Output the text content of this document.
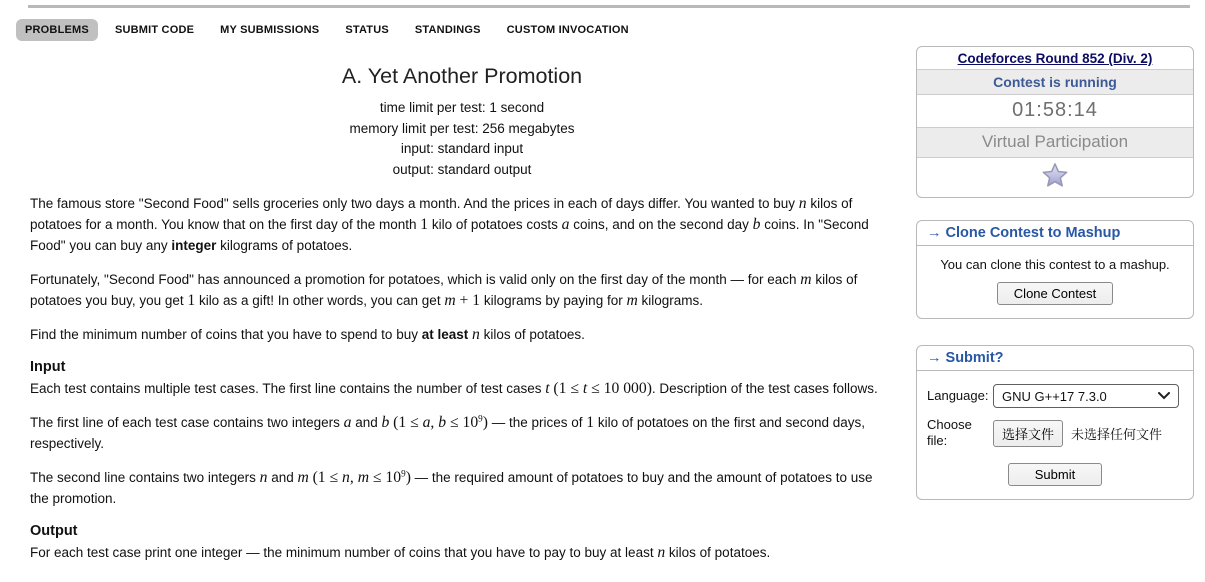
PROBLEMS	SUBMIT CODE	MY SUBMISSIONS	STATUS	STANDINGS	CUSTOM INVOCATION
A. Yet Another Promotion
time limit per test: 1 second
memory limit per test: 256 megabytes
input: standard input
output: standard output

The famous store "Second Food" sells groceries only two days a month. And the prices in each of days differ. You wanted to buy n kilos of potatoes for a month. You know that on the first day of the month 1 kilo of potatoes costs a coins, and on the second day b coins. In "Second Food" you can buy any integer kilograms of potatoes.

Fortunately, "Second Food" has announced a promotion for potatoes, which is valid only on the first day of the month — for each m kilos of potatoes you buy, you get 1 kilo as a gift! In other words, you can get m + 1 kilograms by paying for m kilograms.

Find the minimum number of coins that you have to spend to buy at least n kilos of potatoes.

Input

Each test contains multiple test cases. The first line contains the number of test cases t (1 ≤ t ≤ 10 000). Description of the test cases follows.

The first line of each test case contains two integers a and b (1 ≤ a, $b \le 10^9$) — the prices of 1 kilo of potatoes on the first and second days, respectively.

The second line contains two integers n and m (1 ≤ n, $m \le 10^9$) — the required amount of potatoes to buy and the amount of potatoes to use the promotion.

Output

For each test case print one integer — the minimum number of coins that you have to pay to buy at least n kilos of potatoes.

Codeforces Round 852 (Div. 2)
Contest is running
01:58:14
Virtual Participation
→ Clone Contest to Mashup
You can clone this contest to a mashup.
Clone Contest
→ Submit?
Language: GNU G++17 7.3.0
Choose file:	选择文件	未选择任何文件
Submit
